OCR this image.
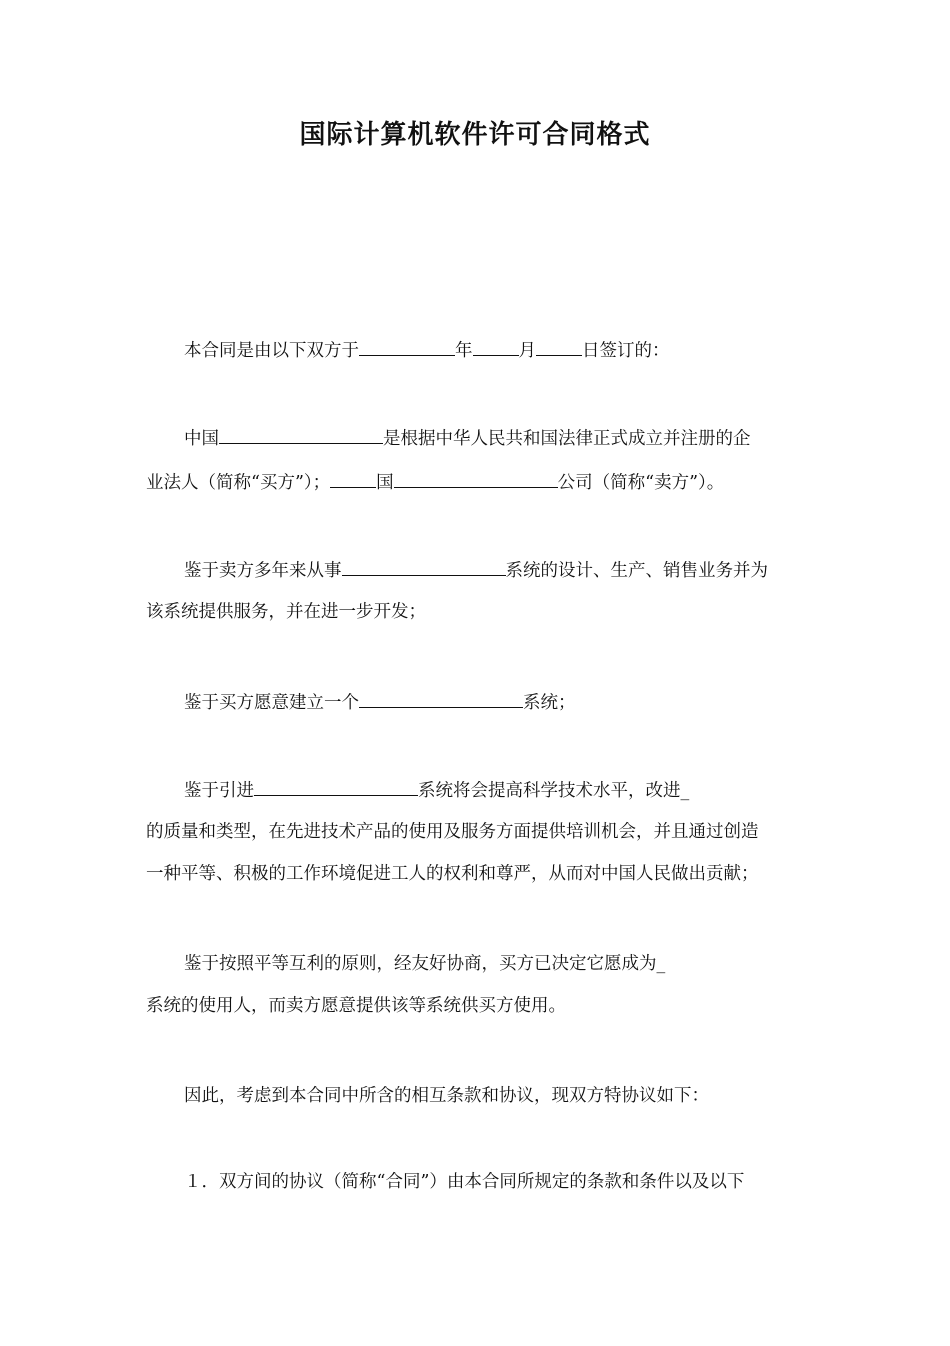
国际计算机软件许可合同格式
本合同是由以下双方于	年	月	日签订的：
中国	是根据中华人民共和国法律正式成立并注册的企
业法人（简称“买方”）；	国	公司（简称“卖方”）。
鉴于卖方多年来从事	系统的设计、生产、销售业务并为
该系统提供服务，并在进一步开发；
鉴于买方愿意建立一个	系统；
鉴于引进	系统将会提高科学技术水平，改进_
的质量和类型，在先进技术产品的使用及服务方面提供培训机会，并且通过创造
一种平等、积极的工作环境促进工人的权利和尊严，从而对中国人民做出贡献；
鉴于按照平等互利的原则，经友好协商，买方已决定它愿成为_
系统的使用人，而卖方愿意提供该等系统供买方使用。
因此，考虑到本合同中所含的相互条款和协议，现双方特协议如下：
１．双方间的协议（简称“合同”）由本合同所规定的条款和条件以及以下
